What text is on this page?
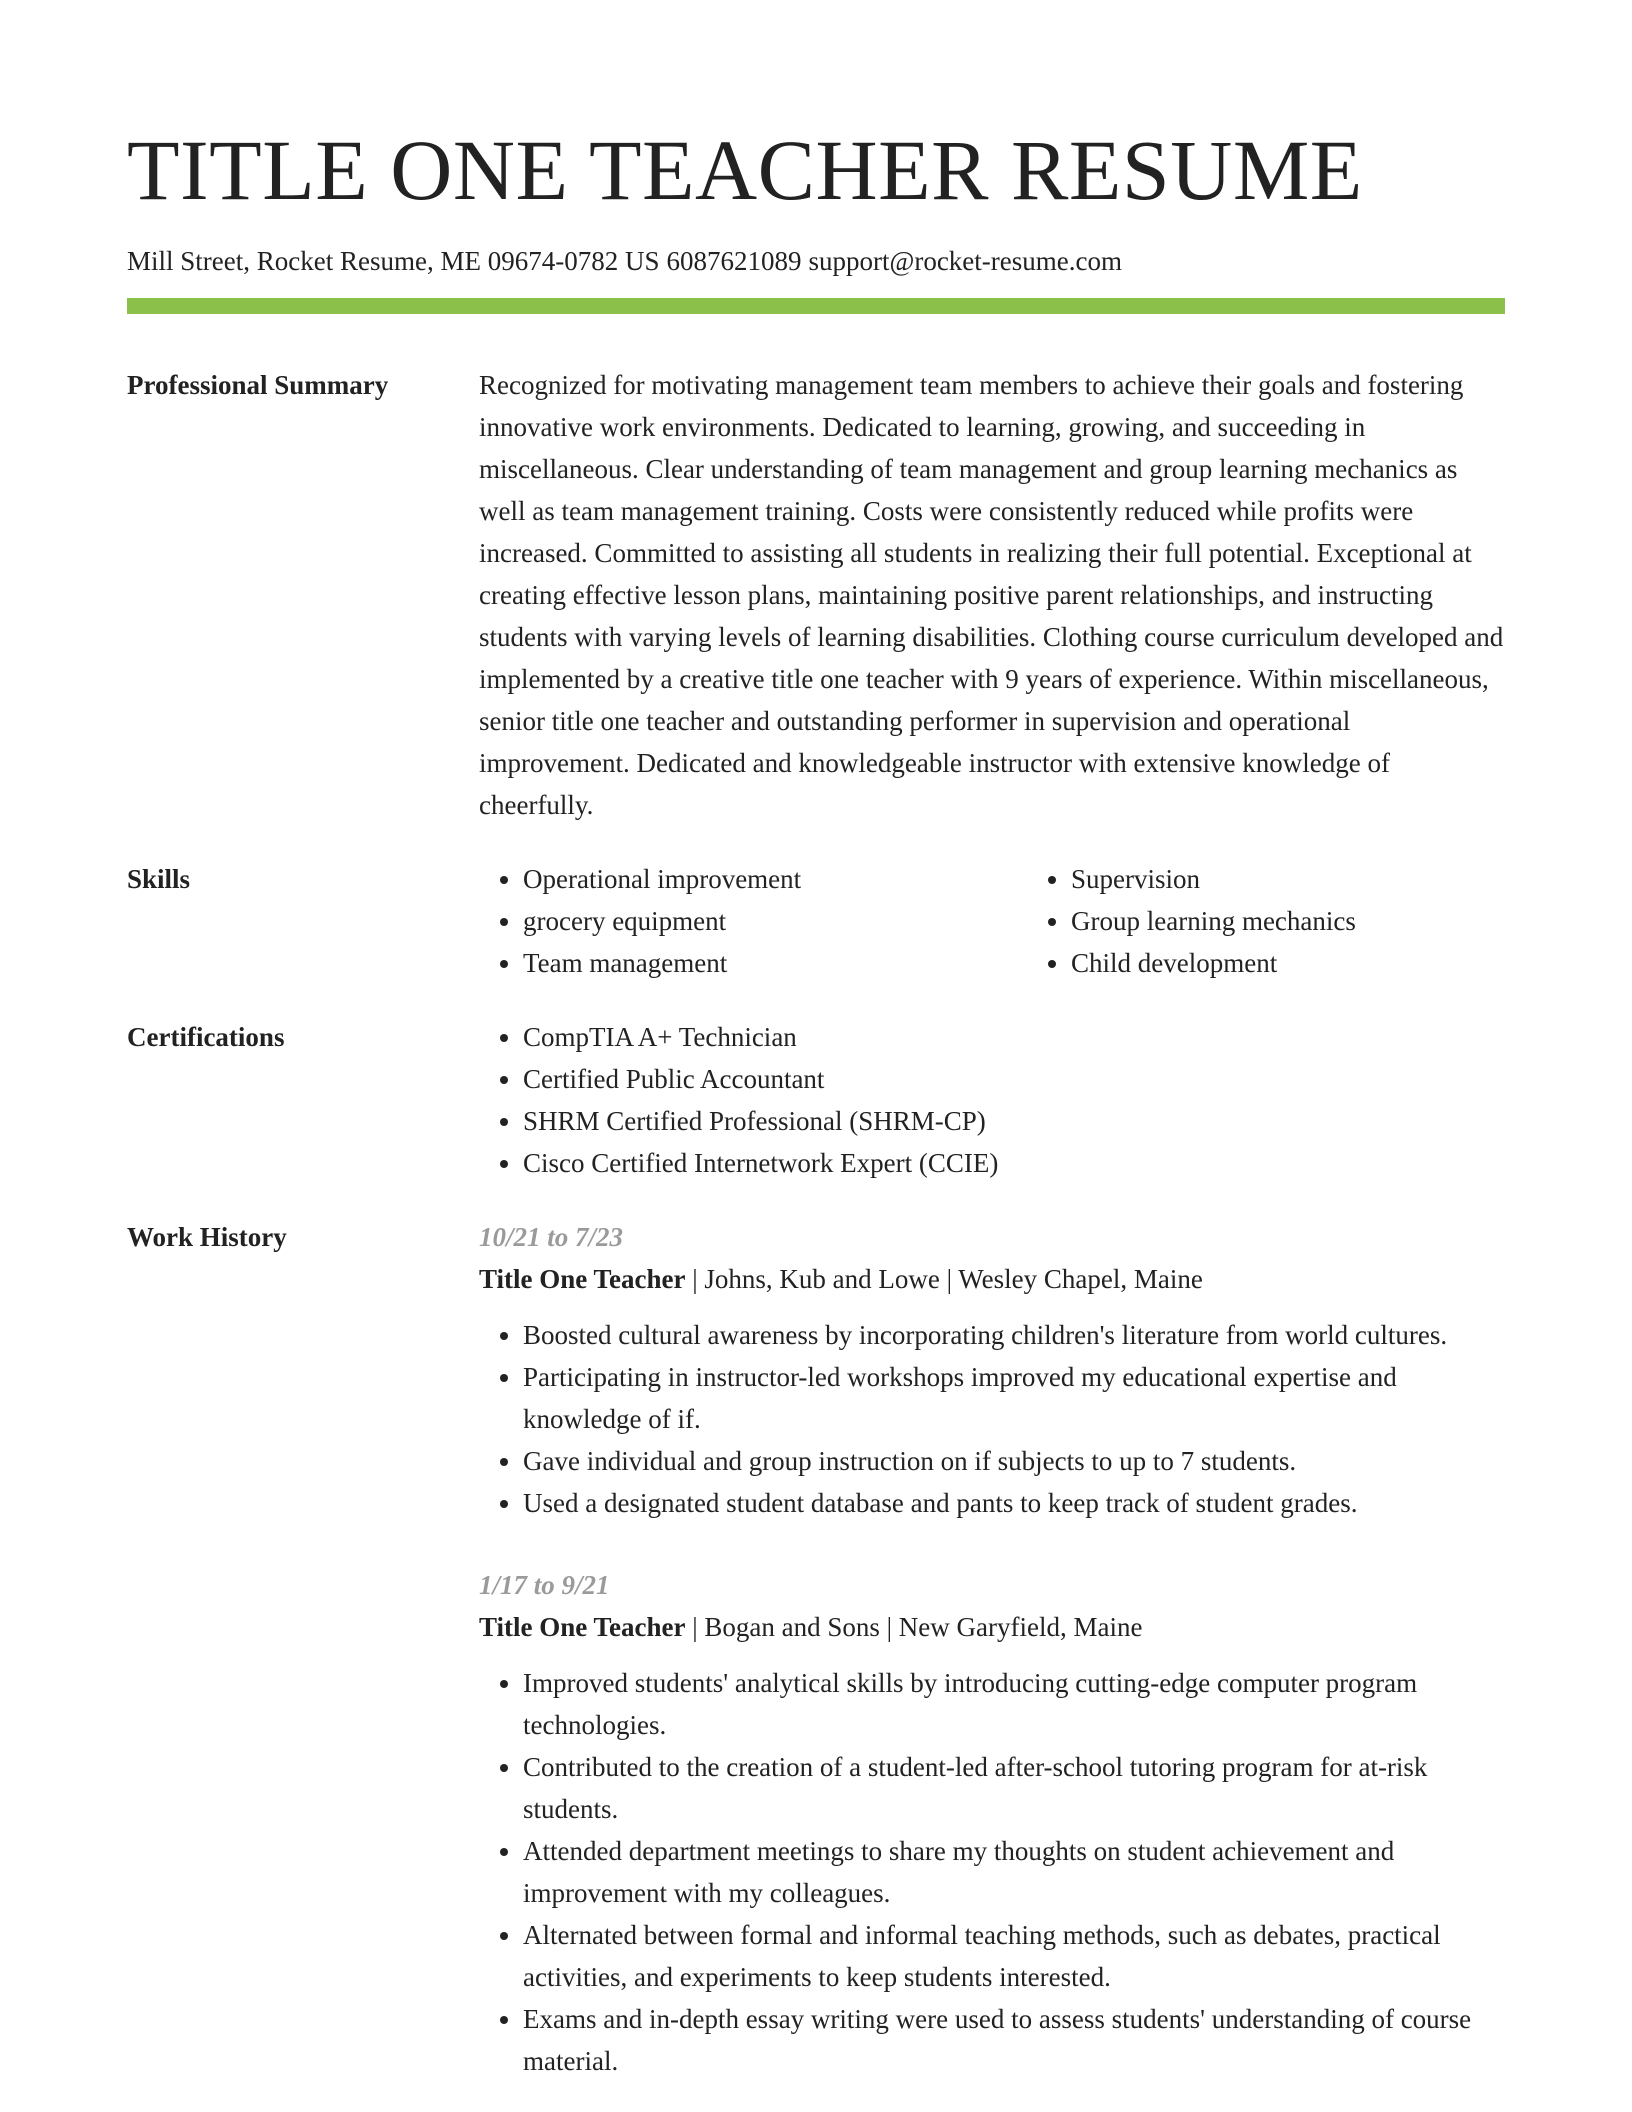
TITLE ONE TEACHER RESUME
Mill Street, Rocket Resume, ME 09674-0782 US 6087621089 support@rocket-resume.com
Professional Summary	Recognized for motivating management team members to achieve their goals and fostering innovative work environments. Dedicated to learning, growing, and succeeding in miscellaneous. Clear understanding of team management and group learning mechanics as well as team management training. Costs were consistently reduced while profits were increased. Committed to assisting all students in realizing their full potential. Exceptional at creating effective lesson plans, maintaining positive parent relationships, and instructing students with varying levels of learning disabilities. Clothing course curriculum developed and implemented by a creative title one teacher with 9 years of experience. Within miscellaneous, senior title one teacher and outstanding performer in supervision and operational improvement. Dedicated and knowledgeable instructor with extensive knowledge of cheerfully.
Skills	• Operational improvement
• grocery equipment
• Team management
• Supervision
• Group learning mechanics
• Child development
Certifications	• CompTIA A+ Technician
• Certified Public Accountant
• SHRM Certified Professional (SHRM-CP)
• Cisco Certified Internetwork Expert (CCIE)
Work History	10/21 to 7/23
Title One Teacher | Johns, Kub and Lowe | Wesley Chapel, Maine
• Boosted cultural awareness by incorporating children's literature from world cultures.
• Participating in instructor-led workshops improved my educational expertise and knowledge of if.
• Gave individual and group instruction on if subjects to up to 7 students.
• Used a designated student database and pants to keep track of student grades.
1/17 to 9/21
Title One Teacher | Bogan and Sons | New Garyfield, Maine
• Improved students' analytical skills by introducing cutting-edge computer program technologies.
• Contributed to the creation of a student-led after-school tutoring program for at-risk students.
• Attended department meetings to share my thoughts on student achievement and improvement with my colleagues.
• Alternated between formal and informal teaching methods, such as debates, practical activities, and experiments to keep students interested.
• Exams and in-depth essay writing were used to assess students' understanding of course material.
